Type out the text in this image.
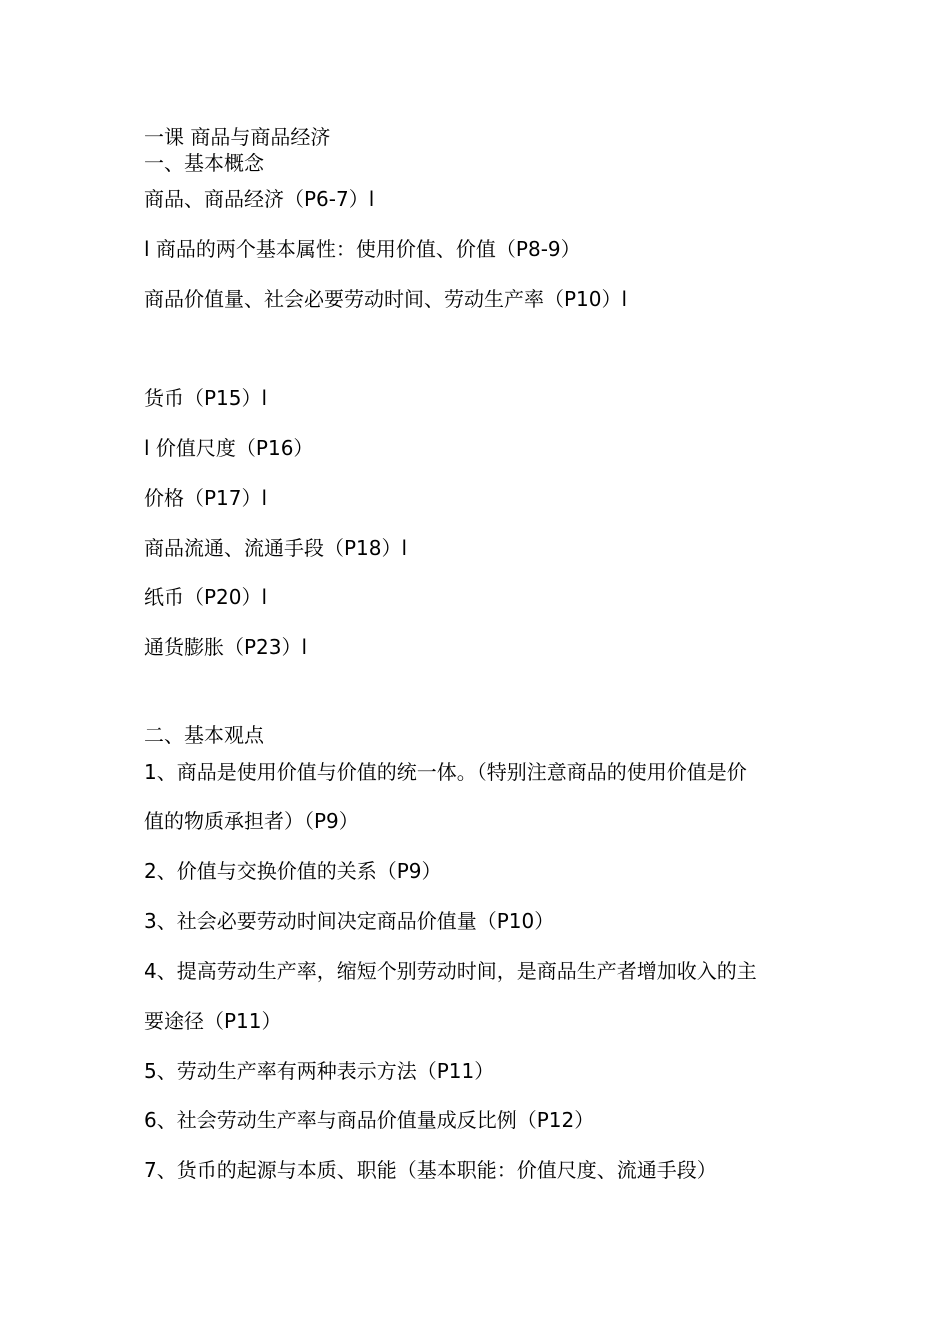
一课 商品与商品经济
一、基本概念
商品、商品经济（P6-7）l
l 商品的两个基本属性：使用价值、价值（P8-9）
商品价值量、社会必要劳动时间、劳动生产率（P10）l
货币（P15）l
l 价值尺度（P16）
价格（P17）l
商品流通、流通手段（P18）l
纸币（P20）l
通货膨胀（P23）l
二、基本观点
1、商品是使用价值与价值的统一体。（特别注意商品的使用价值是价
值的物质承担者）（P9）
2、价值与交换价值的关系（P9）
3、社会必要劳动时间决定商品价值量（P10）
4、提高劳动生产率，缩短个别劳动时间，是商品生产者增加收入的主
要途径（P11）
5、劳动生产率有两种表示方法（P11）
6、社会劳动生产率与商品价值量成反比例（P12）
7、货币的起源与本质、职能（基本职能：价值尺度、流通手段）
